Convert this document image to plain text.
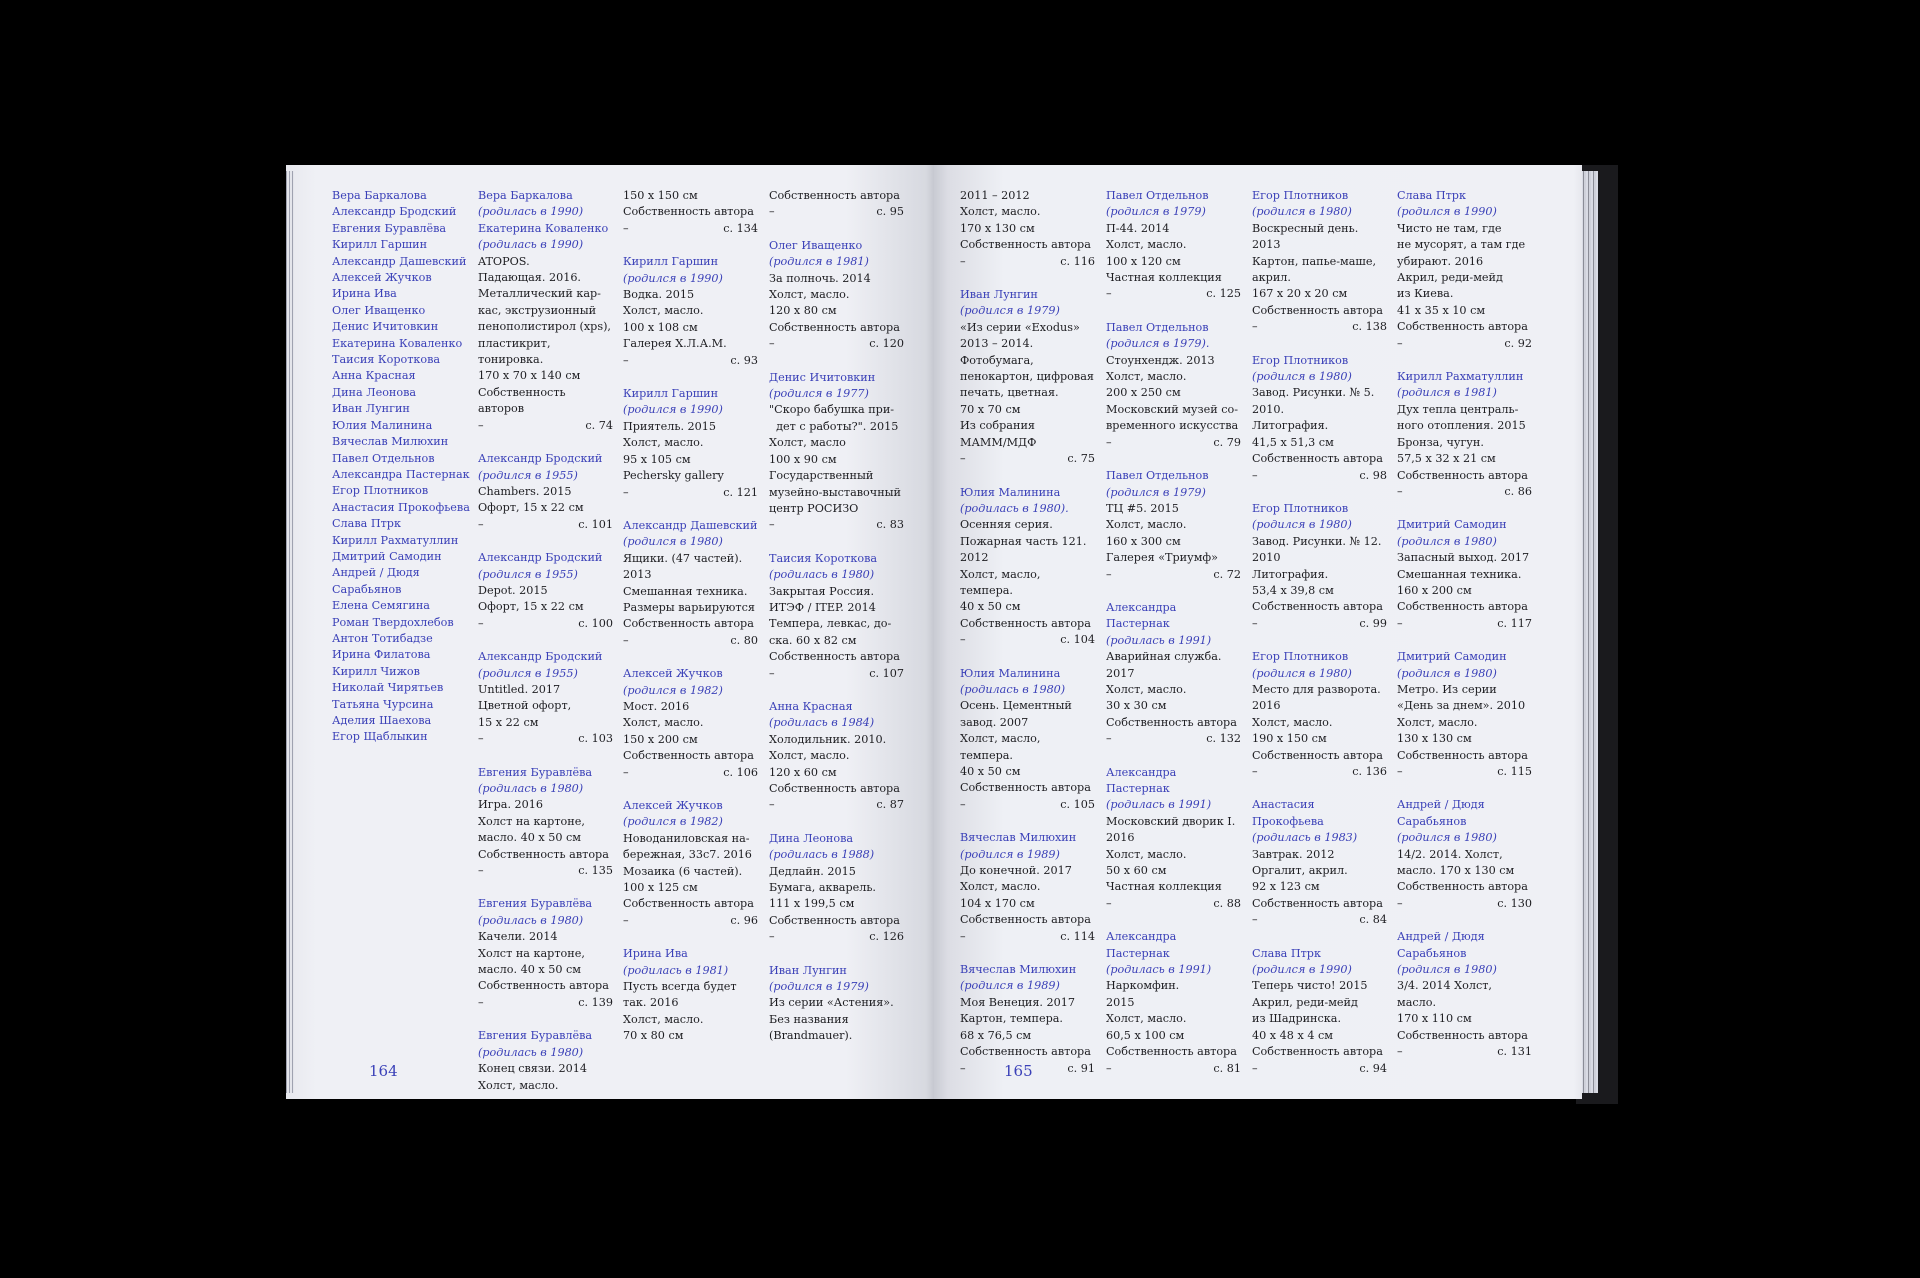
Вера Баркалова
Александр Бродский
Евгения Буравлёва
Кирилл Гаршин
Александр Дашевский
Алексей Жучков
Ирина Ива
Олег Иващенко
Денис Ичитовкин
Екатерина Коваленко
Таисия Короткова
Анна Красная
Дина Леонова
Иван Лунгин
Юлия Малинина
Вячеслав Милюхин
Павел Отдельнов
Александра Пастернак
Егор Плотников
Анастасия Прокофьева
Слава Птрк
Кирилл Рахматуллин
Дмитрий Самодин
Андрей / Дюдя
Сарабьянов
Елена Семягина
Роман Твердохлебов
Антон Тотибадзе
Ирина Филатова
Кирилл Чижов
Николай Чирятьев
Татьяна Чурсина
Аделия Шаехова
Егор Щаблыкин
Вера Баркалова
(родилась в 1990)
Екатерина Коваленко
(родилась в 1990)
ATOPOS.
Падающая. 2016.
Металлический кар-
кас, экструзионный
пенополистирол (xps),
пластикрит, тонировка.
170 x 70 x 140 см
Собственность авторов
–	с. 74
Александр Бродский
(родился в 1955)
Chambers. 2015
Офорт, 15 x 22 см
–	с. 101
Александр Бродский
(родился в 1955)
Depot. 2015
Офорт, 15 x 22 см
–	с. 100
Александр Бродский
(родился в 1955)
Untitled. 2017
Цветной офорт,
15 x 22 см
–	с. 103
Евгения Буравлёва
(родилась в 1980)
Игра. 2016
Холст на картоне,
масло. 40 x 50 см
Собственность автора
–	с. 135
Евгения Буравлёва
(родилась в 1980)
Качели. 2014
Холст на картоне,
масло. 40 x 50 см
Собственность автора
–	с. 139
Евгения Буравлёва
(родилась в 1980)
Конец связи. 2014
Холст, масло.
150 x 150 см
Собственность автора
–	с. 134
Кирилл Гаршин
(родился в 1990)
Водка. 2015
Холст, масло.
100 x 108 см
Галерея Х.Л.А.М.
–	с. 93
Кирилл Гаршин
(родился в 1990)
Приятель. 2015
Холст, масло.
95 x 105 см
Pechersky gallery
–	с. 121
Александр Дашевский
(родился в 1980)
Ящики. (47 частей).
2013
Смешанная техника.
Размеры варьируются
Собственность автора
–	с. 80
Алексей Жучков
(родился в 1982)
Мост. 2016
Холст, масло.
150 x 200 см
Собственность автора
–	с. 106
Алексей Жучков
(родился в 1982)
Новоданиловская на-
бережная, 33с7. 2016
Мозаика (6 частей).
100 x 125 см
Собственность автора
–	с. 96
Ирина Ива
(родилась в 1981)
Пусть всегда будет
так. 2016
Холст, масло.
70 x 80 см
Собственность автора
–	с. 95
Олег Иващенко
(родился в 1981)
За полночь. 2014
Холст, масло.
120 x 80 см
Собственность автора
–	с. 120
Денис Ичитовкин
(родился в 1977)
"Скоро бабушка при-
дет с работы?". 2015
Холст, масло
100 x 90 см
Государственный
музейно-выставочный
центр РОСИЗО
–	с. 83
Таисия Короткова
(родилась в 1980)
Закрытая Россия.
ИТЭФ / ITEP. 2014
Темпера, левкас, до-
ска. 60 x 82 см
Собственность автора
–	с. 107
Анна Красная
(родилась в 1984)
Холодильник. 2010.
Холст, масло.
120 x 60 см
Собственность автора
–	с. 87
Дина Леонова
(родилась в 1988)
Дедлайн. 2015
Бумага, акварель.
111 x 199,5 см
Собственность автора
–	с. 126
Иван Лунгин
(родился в 1979)
Из серии «Астения».
Без названия
(Brandmauer).
164
2011 – 2012
Холст, масло.
170 x 130 см
Собственность автора
–	с. 116
Иван Лунгин
(родился в 1979)
«Из серии «Exodus»
2013 – 2014.
Фотобумага,
пенокартон, цифровая
печать, цветная.
70 x 70 см
Из собрания
МАММ/МДФ
–	с. 75
Юлия Малинина
(родилась в 1980).
Осенняя серия.
Пожарная часть 121.
2012
Холст, масло, темпера.
40 x 50 см
Собственность автора
–	с. 104
Юлия Малинина
(родилась в 1980)
Осень. Цементный
завод. 2007
Холст, масло, темпера.
40 x 50 см
Собственность автора
–	с. 105
Вячеслав Милюхин
(родился в 1989)
До конечной. 2017
Холст, масло.
104 x 170 см
Собственность автора
–	с. 114
Вячеслав Милюхин
(родился в 1989)
Моя Венеция. 2017
Картон, темпера.
68 x 76,5 см
Собственность автора
–	с. 91
Павел Отдельнов
(родился в 1979)
П-44. 2014
Холст, масло.
100 x 120 см
Частная коллекция
–	с. 125
Павел Отдельнов
(родился в 1979).
Стоунхендж. 2013
Холст, масло.
200 x 250 см
Московский музей со-
временного искусства
–	с. 79
Павел Отдельнов
(родился в 1979)
ТЦ #5. 2015
Холст, масло.
160 x 300 см
Галерея «Триумф»
–	с. 72
Александра Пастернак
(родилась в 1991)
Аварийная служба.
2017
Холст, масло.
30 x 30 см
Собственность автора
–	с. 132
Александра Пастернак
(родилась в 1991)
Московский дворик I.
2016
Холст, масло.
50 x 60 см
Частная коллекция
–	с. 88
Александра Пастернак
(родилась в 1991)
Наркомфин.
2015
Холст, масло.
60,5 x 100 см
Собственность автора
–	с. 81
Егор Плотников
(родился в 1980)
Воскресный день. 2013
Картон, папье-маше,
акрил.
167 x 20 x 20 см
Собственность автора
–	с. 138
Егор Плотников
(родился в 1980)
Завод. Рисунки. № 5.
2010.
Литография.
41,5 x 51,3 см
Собственность автора
–	с. 98
Егор Плотников
(родился в 1980)
Завод. Рисунки. № 12.
2010
Литография.
53,4 x 39,8 см
Собственность автора
–	с. 99
Егор Плотников
(родился в 1980)
Место для разворота.
2016
Холст, масло.
190 x 150 см
Собственность автора
–	с. 136
Анастасия Прокофьева
(родилась в 1983)
Завтрак. 2012
Оргалит, акрил.
92 x 123 см
Собственность автора
–	с. 84
Слава Птрк
(родился в 1990)
Теперь чисто! 2015
Акрил, реди-мейд
из Шадринска.
40 x 48 x 4 см
Собственность автора
–	с. 94
Слава Птрк
(родился в 1990)
Чисто не там, где
не мусорят, а там где
убирают. 2016
Акрил, реди-мейд
из Киева.
41 x 35 x 10 см
Собственность автора
–	с. 92
Кирилл Рахматуллин
(родился в 1981)
Дух тепла централь-
ного отопления. 2015
Бронза, чугун.
57,5 x 32 x 21 см
Собственность автора
–	с. 86
Дмитрий Самодин
(родился в 1980)
Запасный выход. 2017
Смешанная техника.
160 x 200 см
Собственность автора
–	с. 117
Дмитрий Самодин
(родился в 1980)
Метро. Из серии
«День за днем». 2010
Холст, масло.
130 x 130 см
Собственность автора
–	с. 115
Андрей / Дюдя
Сарабьянов
(родился в 1980)
14/2. 2014. Холст,
масло. 170 x 130 см
Собственность автора
–	с. 130
Андрей / Дюдя
Сарабьянов
(родился в 1980)
3/4. 2014 Холст, масло.
170 x 110 см
Собственность автора
–	с. 131
165
